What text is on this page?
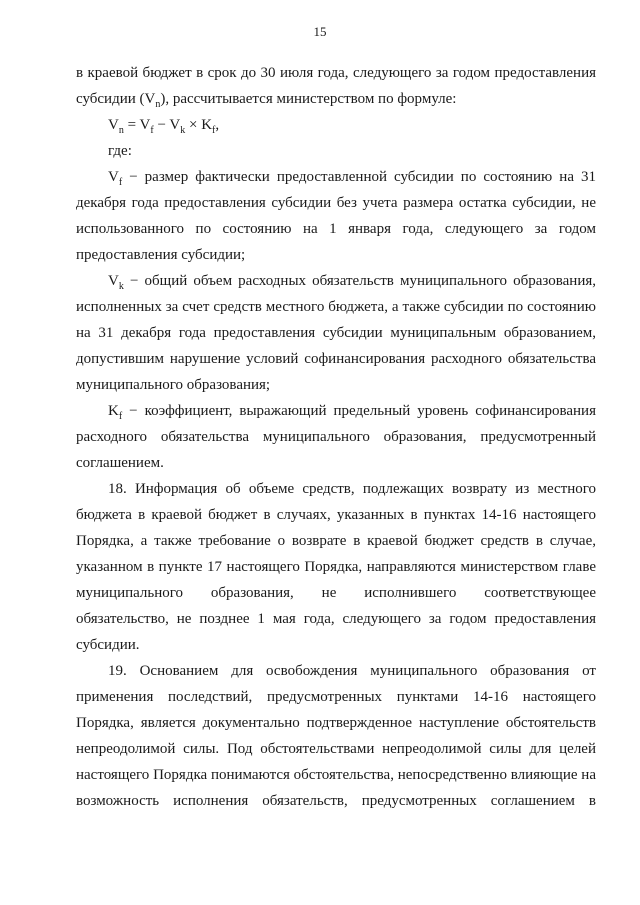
15
в краевой бюджет в срок до 30 июля года, следующего за годом предоставления
субсидии $(V_n)$, рассчитывается министерством по формуле:
$V_n = V_f - V_k \times K_f$,
где:
$V_f$ − размер фактически предоставленной субсидии по состоянию на 31
декабря года предоставления субсидии без учета размера остатка субсидии, не
использованного по состоянию на 1 января года, следующего за годом
предоставления субсидии;
$V_k$ − общий объем расходных обязательств муниципального образования,
исполненных за счет средств местного бюджета, а также субсидии по состоянию
на 31 декабря года предоставления субсидии муниципальным образованием,
допустившим нарушение условий софинансирования расходного обязательства
муниципального образования;
$K_f$ − коэффициент, выражающий предельный уровень софинансирования
расходного обязательства муниципального образования, предусмотренный
соглашением.
18. Информация об объеме средств, подлежащих возврату из местного
бюджета в краевой бюджет в случаях, указанных в пунктах 14-16 настоящего
Порядка, а также требование о возврате в краевой бюджет средств в случае,
указанном в пункте 17 настоящего Порядка, направляются министерством главе
муниципального образования, не исполнившего соответствующее
обязательство, не позднее 1 мая года, следующего за годом предоставления
субсидии.
19. Основанием для освобождения муниципального образования от
применения последствий, предусмотренных пунктами 14-16 настоящего
Порядка, является документально подтвержденное наступление обстоятельств
непреодолимой силы. Под обстоятельствами непреодолимой силы для целей
настоящего Порядка понимаются обстоятельства, непосредственно влияющие на
возможность исполнения обязательств, предусмотренных соглашением в
